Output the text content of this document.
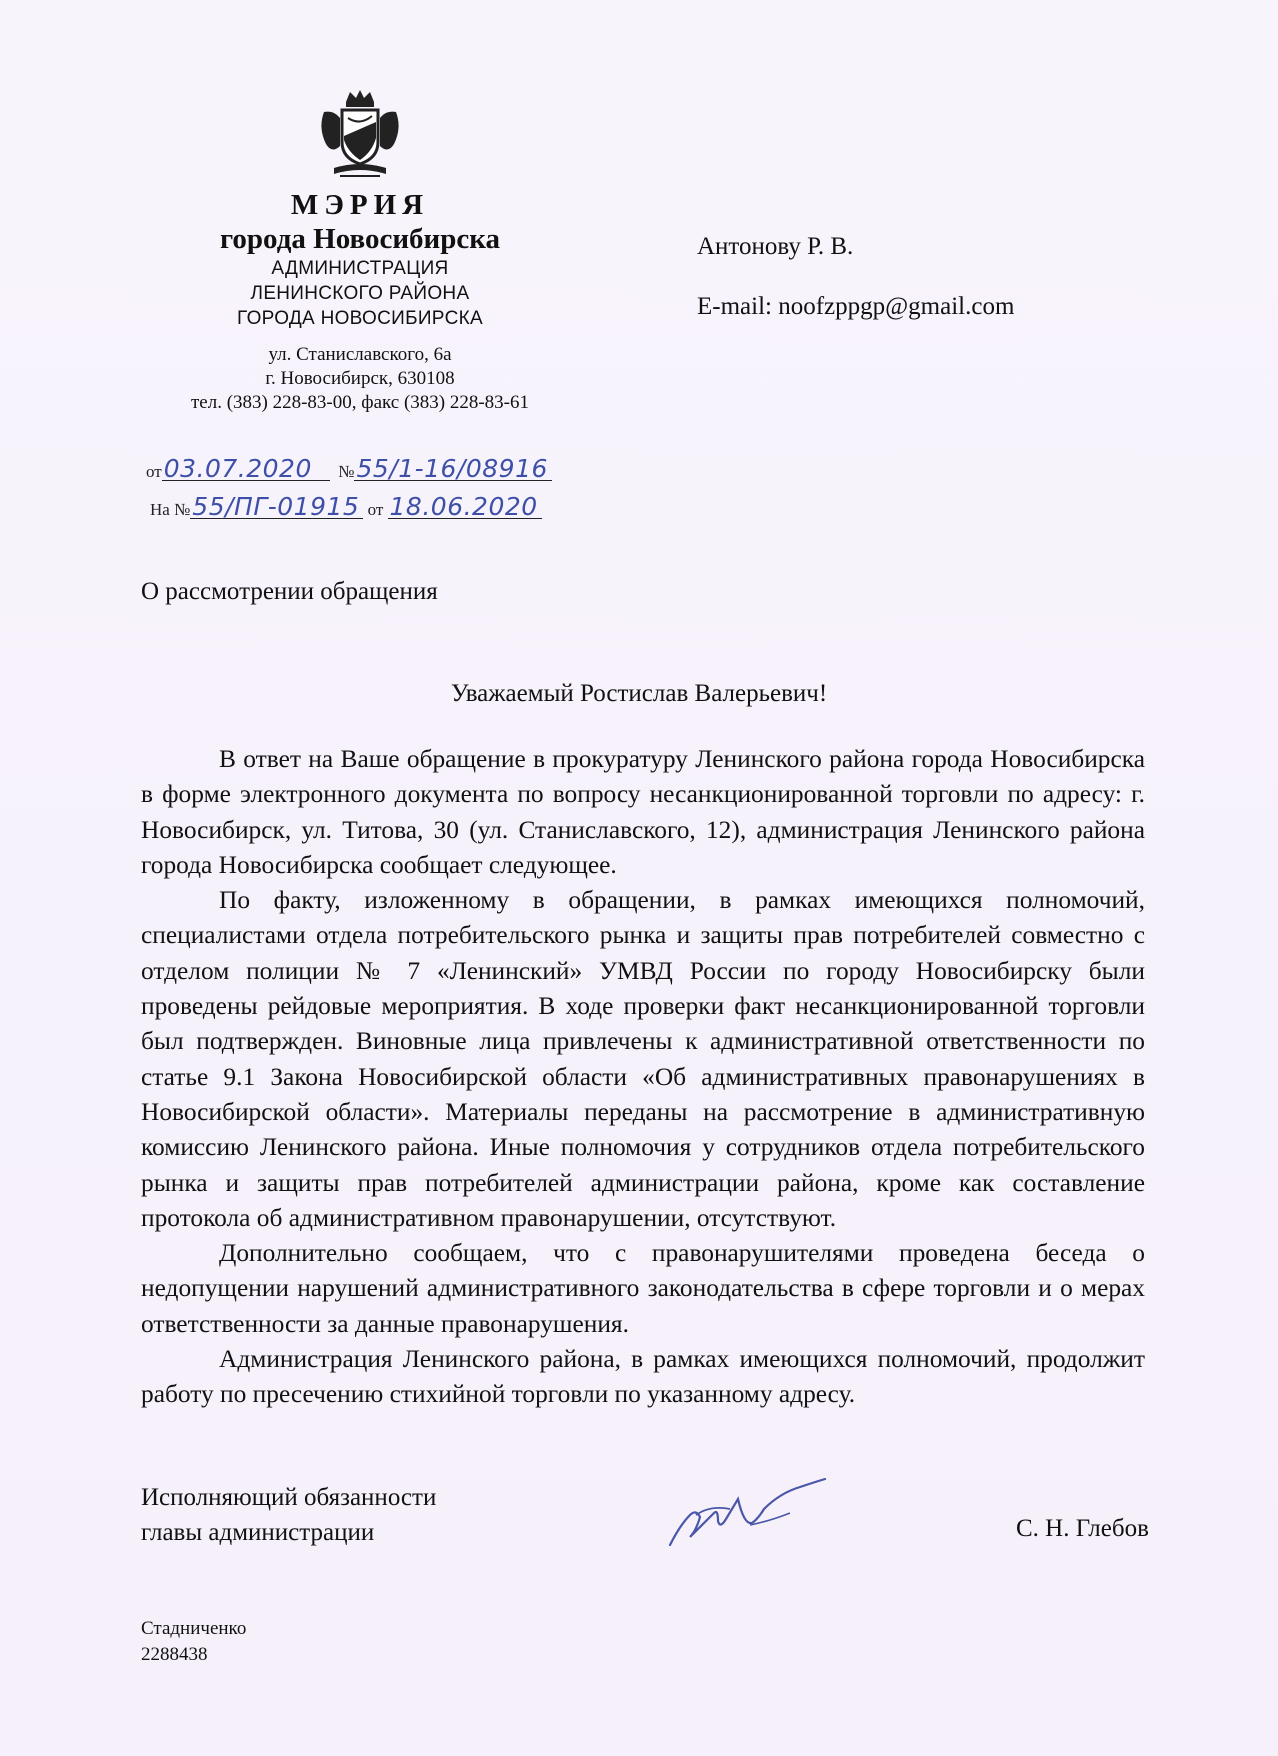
МЭРИЯ
города Новосибирска
АДМИНИСТРАЦИЯ
ЛЕНИНСКОГО РАЙОНА
ГОРОДА НОВОСИБИРСКА
ул. Станиславского, 6а
г. Новосибирск, 630108
тел. (383) 228-83-00, факс (383) 228-83-61
от03.07.2020 №55/1-16/08916
На №55/ПГ-01915 от 18.06.2020
Антонову Р. В.
E-mail: noofzppgp@gmail.com
О рассмотрении обращения
Уважаемый Ростислав Валерьевич!

В ответ на Ваше обращение в прокуратуру Ленинского района города Новосибирска в форме электронного документа по вопросу несанкционированной торговли по адресу: г. Новосибирск, ул. Титова, 30 (ул. Станиславского, 12), администрация Ленинского района города Новосибирска сообщает следующее.

По факту, изложенному в обращении, в рамках имеющихся полномочий, специалистами отдела потребительского рынка и защиты прав потребителей совместно с отделом полиции № 7 «Ленинский» УМВД России по городу Новосибирску были проведены рейдовые мероприятия. В ходе проверки факт несанкционированной торговли был подтвержден. Виновные лица привлечены к административной ответственности по статье 9.1 Закона Новосибирской области «Об административных правонарушениях в Новосибирской области». Материалы переданы на рассмотрение в административную комиссию Ленинского района. Иные полномочия у сотрудников отдела потребительского рынка и защиты прав потребителей администрации района, кроме как составление протокола об административном правонарушении, отсутствуют.

Дополнительно сообщаем, что с правонарушителями проведена беседа о недопущении нарушений административного законодательства в сфере торговли и о мерах ответственности за данные правонарушения.

Администрация Ленинского района, в рамках имеющихся полномочий, продолжит работу по пресечению стихийной торговли по указанному адресу.

Исполняющий обязанности
главы администрации	С. Н. Глебов
Стадниченко
2288438
